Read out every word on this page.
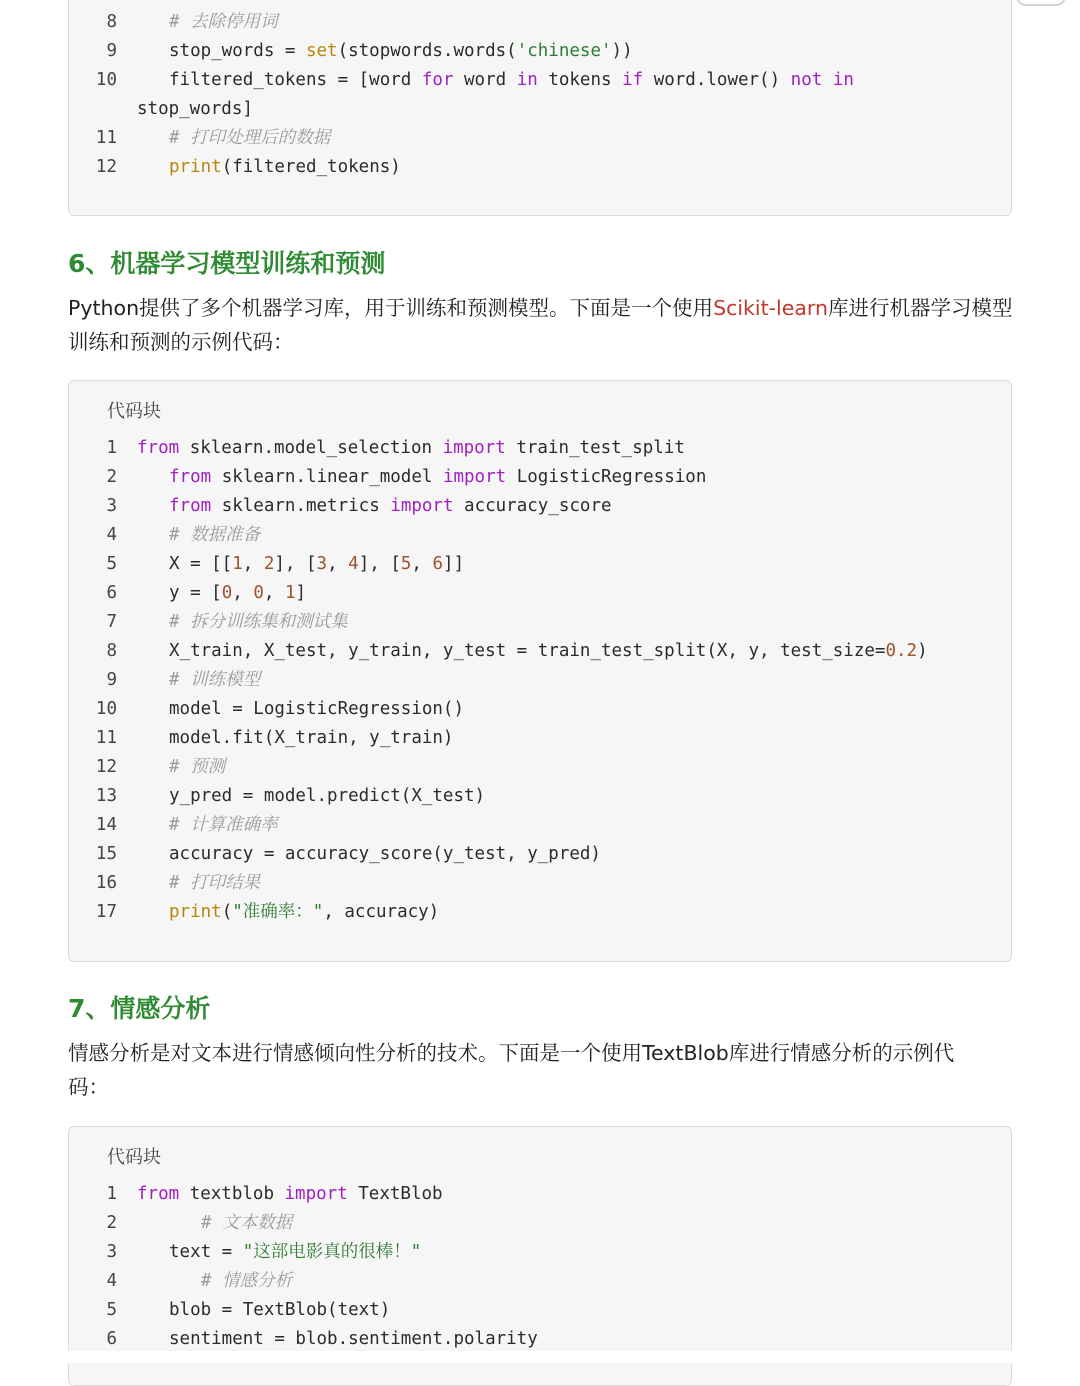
8	# 去除停用词
9	stop_words = set(stopwords.words('chinese'))
10	filtered_tokens = [word for word in tokens if word.lower() not in
stop_words]
11	# 打印处理后的数据
12	print(filtered_tokens)
6、机器学习模型训练和预测

Python提供了多个机器学习库，用于训练和预测模型。下面是一个使用Scikit-learn库进行机器学习模型训练和预测的示例代码：

代码块
1 from sklearn.model_selection import train_test_split
2	from sklearn.linear_model import LogisticRegression
3	from sklearn.metrics import accuracy_score
4	# 数据准备
5	X = [[1, 2], [3, 4], [5, 6]]
6	y = [0, 0, 1]
7	# 拆分训练集和测试集
8	X_train, X_test, y_train, y_test = train_test_split(X, y, test_size=0.2)
9	# 训练模型
10	model = LogisticRegression()
11	model.fit(X_train, y_train)
12	# 预测
13	y_pred = model.predict(X_test)
14	# 计算准确率
15	accuracy = accuracy_score(y_test, y_pred)
16	# 打印结果
17	print("准确率：", accuracy)
7、情感分析

情感分析是对文本进行情感倾向性分析的技术。下面是一个使用TextBlob库进行情感分析的示例代码：

代码块
1 from textblob import TextBlob
2	# 文本数据
3	text = "这部电影真的很棒！"
4	# 情感分析
5	blob = TextBlob(text)
6	sentiment = blob.sentiment.polarity
